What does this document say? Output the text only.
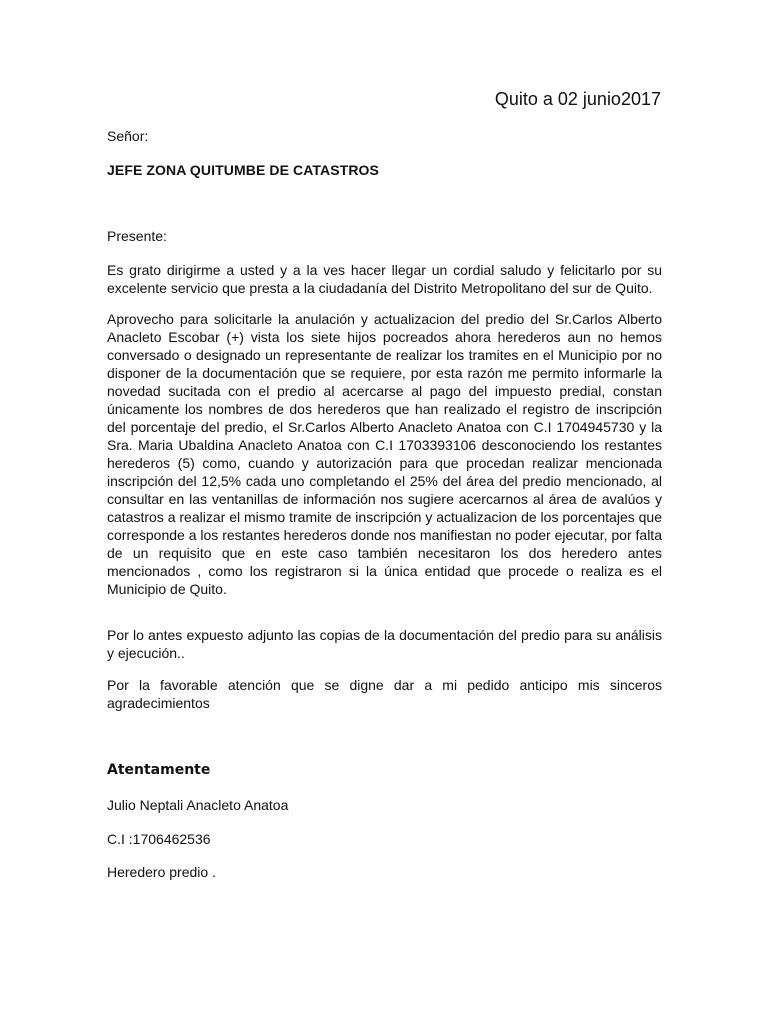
Quito a 02 junio2017
Señor:
JEFE ZONA QUITUMBE DE CATASTROS
Presente:

Es grato dirigirme a usted y a la ves hacer llegar un cordial saludo y felicitarlo por su excelente servicio que presta a la ciudadanía del Distrito Metropolitano del sur de Quito.

Aprovecho para solicitarle la anulación y actualizacion del predio del Sr.Carlos Alberto Anacleto Escobar (+) vista los siete hijos pocreados ahora herederos aun no hemos conversado o designado un representante de realizar los tramites en el Municipio por no disponer de la documentación que se requiere, por esta razón me permito informarle la novedad sucitada con el predio al acercarse al pago del impuesto predial, constan únicamente los nombres de dos herederos que han realizado el registro de inscripción del porcentaje del predio, el Sr.Carlos Alberto Anacleto Anatoa con C.I 1704945730 y la Sra. Maria Ubaldina Anacleto Anatoa con C.I 1703393106 desconociendo los restantes herederos (5) como, cuando y autorización para que procedan realizar mencionada inscripción del 12,5% cada uno completando el 25% del área del predio mencionado, al consultar en las ventanillas de información nos sugiere acercarnos al área de avalúos y catastros a realizar el mismo tramite de inscripción y actualizacion de los porcentajes que corresponde a los restantes herederos donde nos manifiestan no poder ejecutar, por falta de un requisito que en este caso también necesitaron los dos heredero antes mencionados , como los registraron si la única entidad que procede o realiza es el Municipio de Quito.

Por lo antes expuesto adjunto las copias de la documentación del predio para su análisis y ejecución..

Por la favorable atención que se digne dar a mi pedido anticipo mis sinceros agradecimientos

Atentamente
Julio Neptali Anacleto Anatoa
C.I :1706462536
Heredero predio .
